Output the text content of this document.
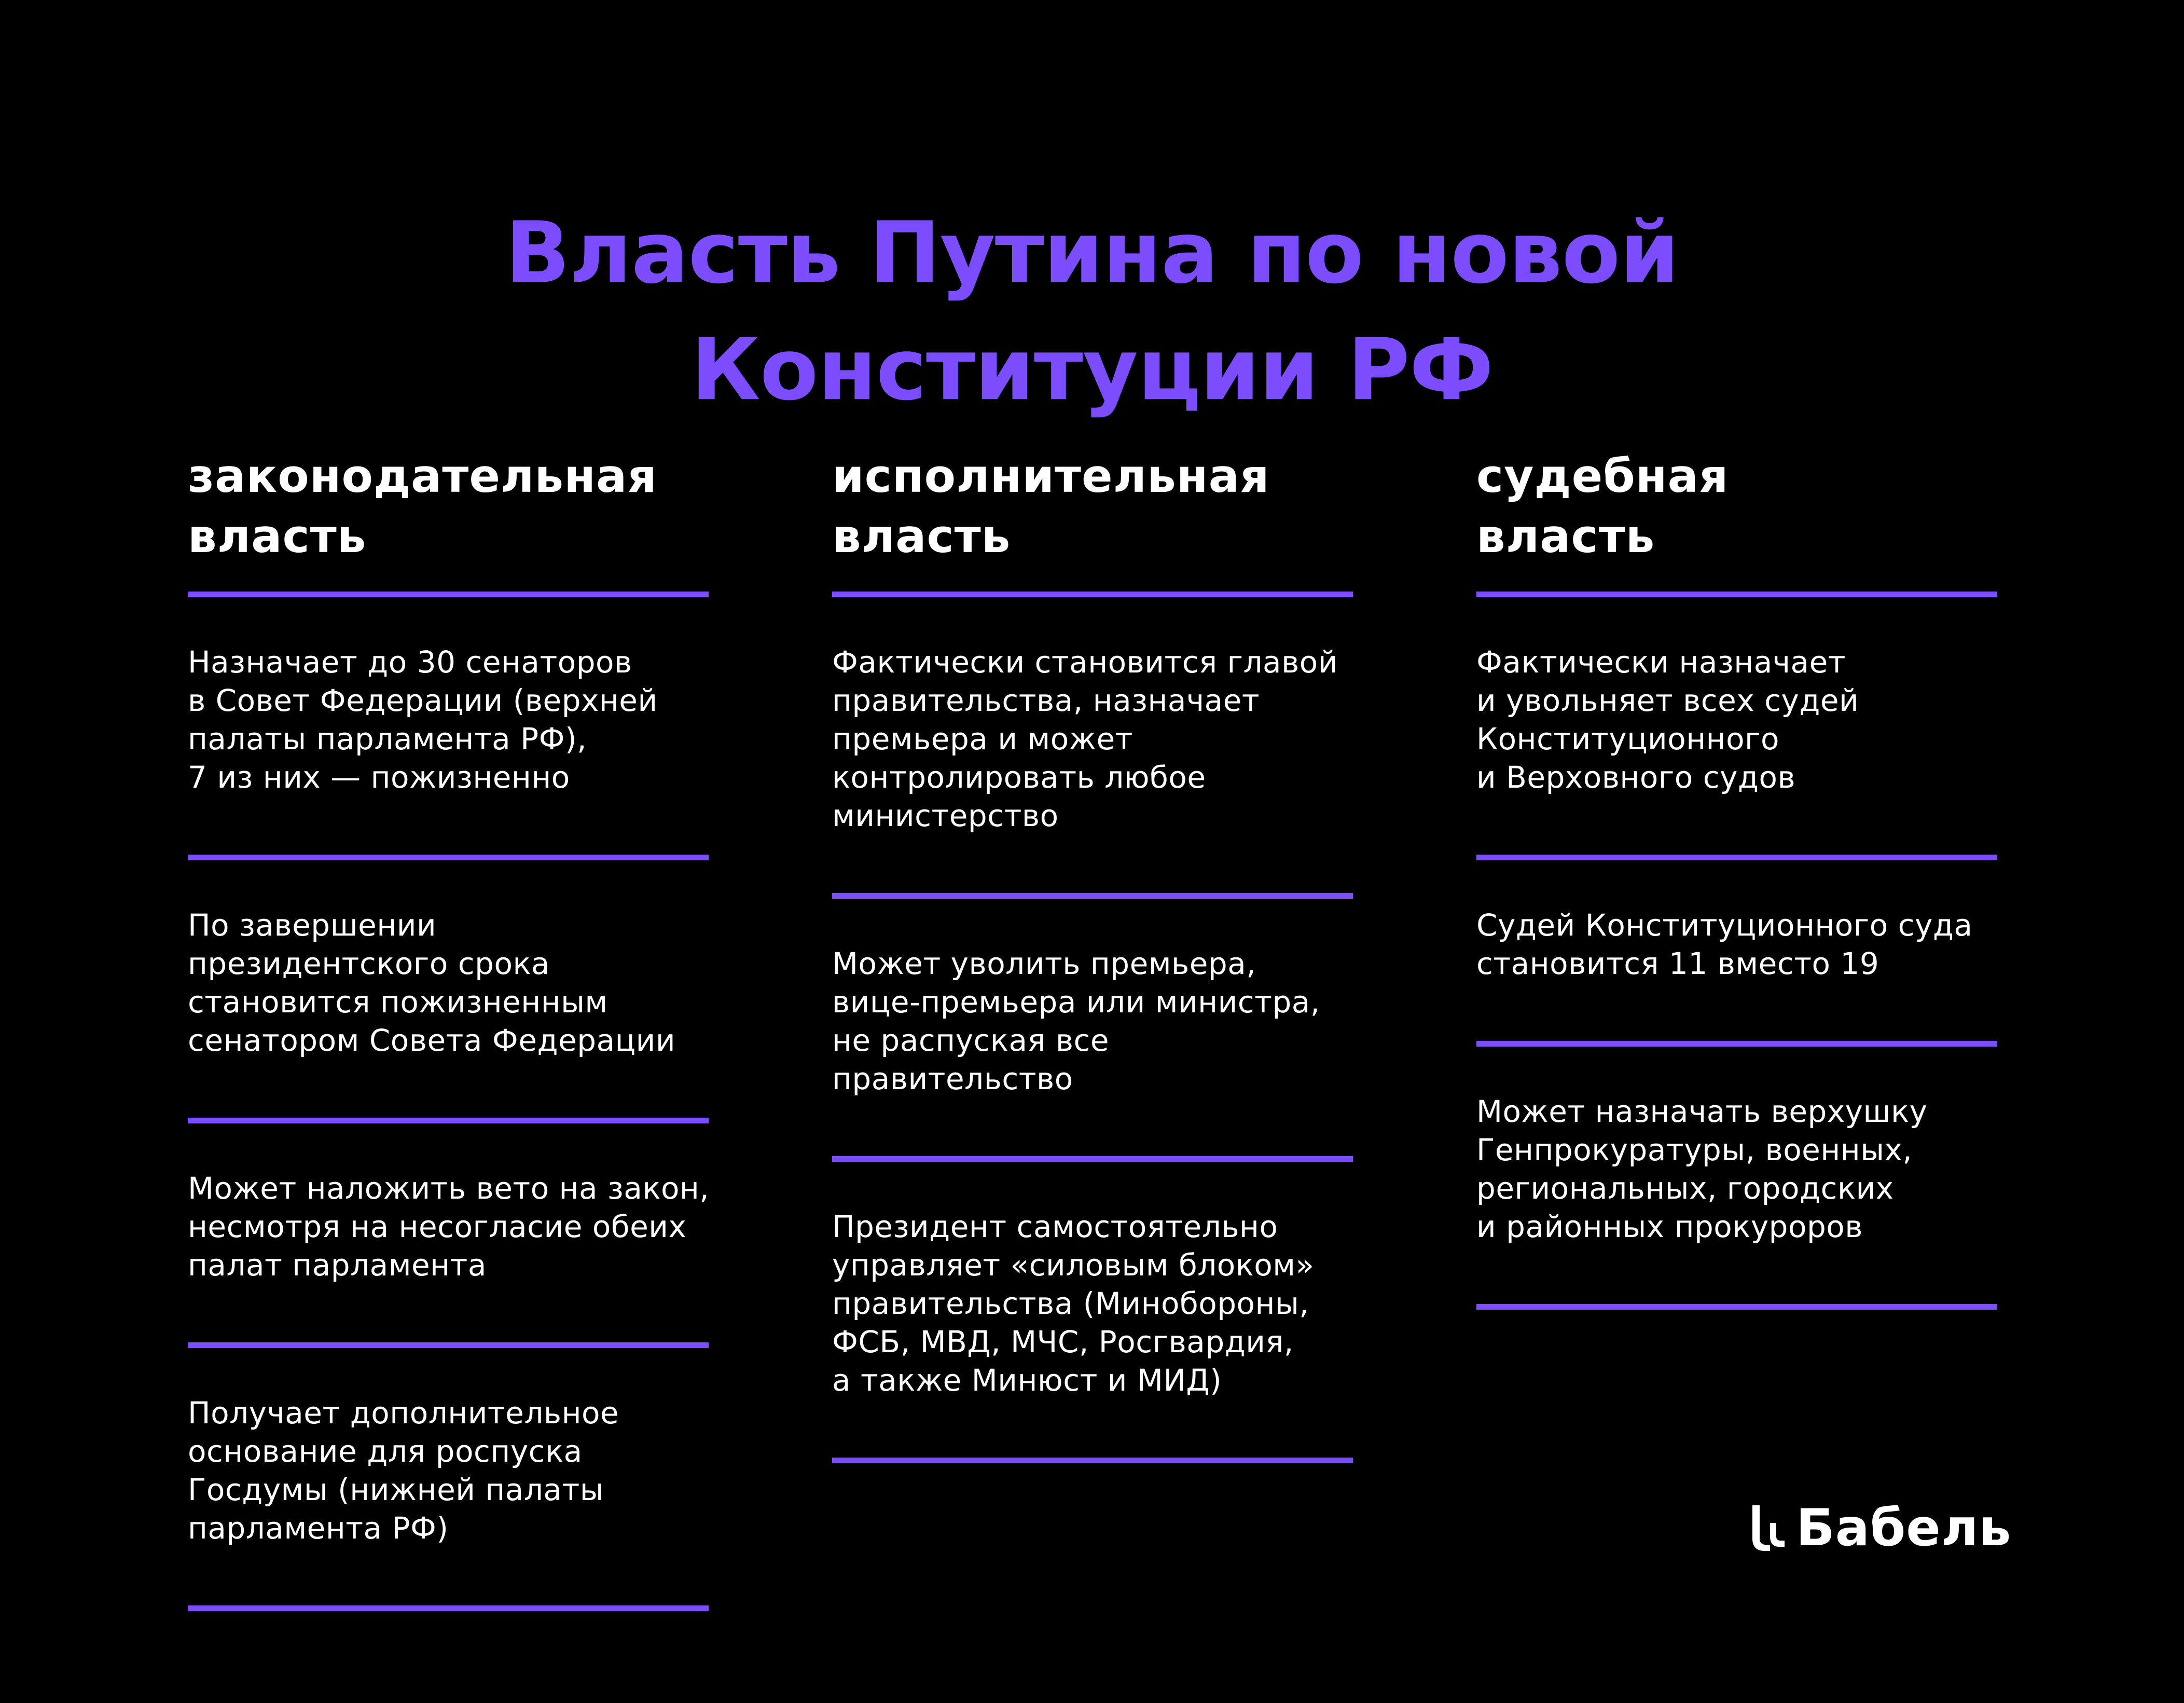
Власть Путина по новой
Конституции РФ
законодательная
власть
Назначает до 30 сенаторов
в Совет Федерации (верхней
палаты парламента РФ),
7 из них — пожизненно
По завершении
президентского срока
становится пожизненным
сенатором Совета Федерации
Может наложить вето на закон,
несмотря на несогласие обеих
палат парламента
Получает дополнительное
основание для роспуска
Госдумы (нижней палаты
парламента РФ)
исполнительная
власть
Фактически становится главой
правительства, назначает
премьера и может
контролировать любое
министерство
Может уволить премьера,
вице-премьера или министра,
не распуская все правительство
Президент самостоятельно
управляет «силовым блоком»
правительства (Минобороны,
ФСБ, МВД, МЧС, Росгвардия,
а также Минюст и МИД)
судебная
власть
Фактически назначает
и увольняет всех судей
Конституционного
и Верховного судов
Судей Конституционного суда
становится 11 вместо 19
Может назначать верхушку
Генпрокуратуры, военных,
региональных, городских
и районных прокуроров
Бабель
